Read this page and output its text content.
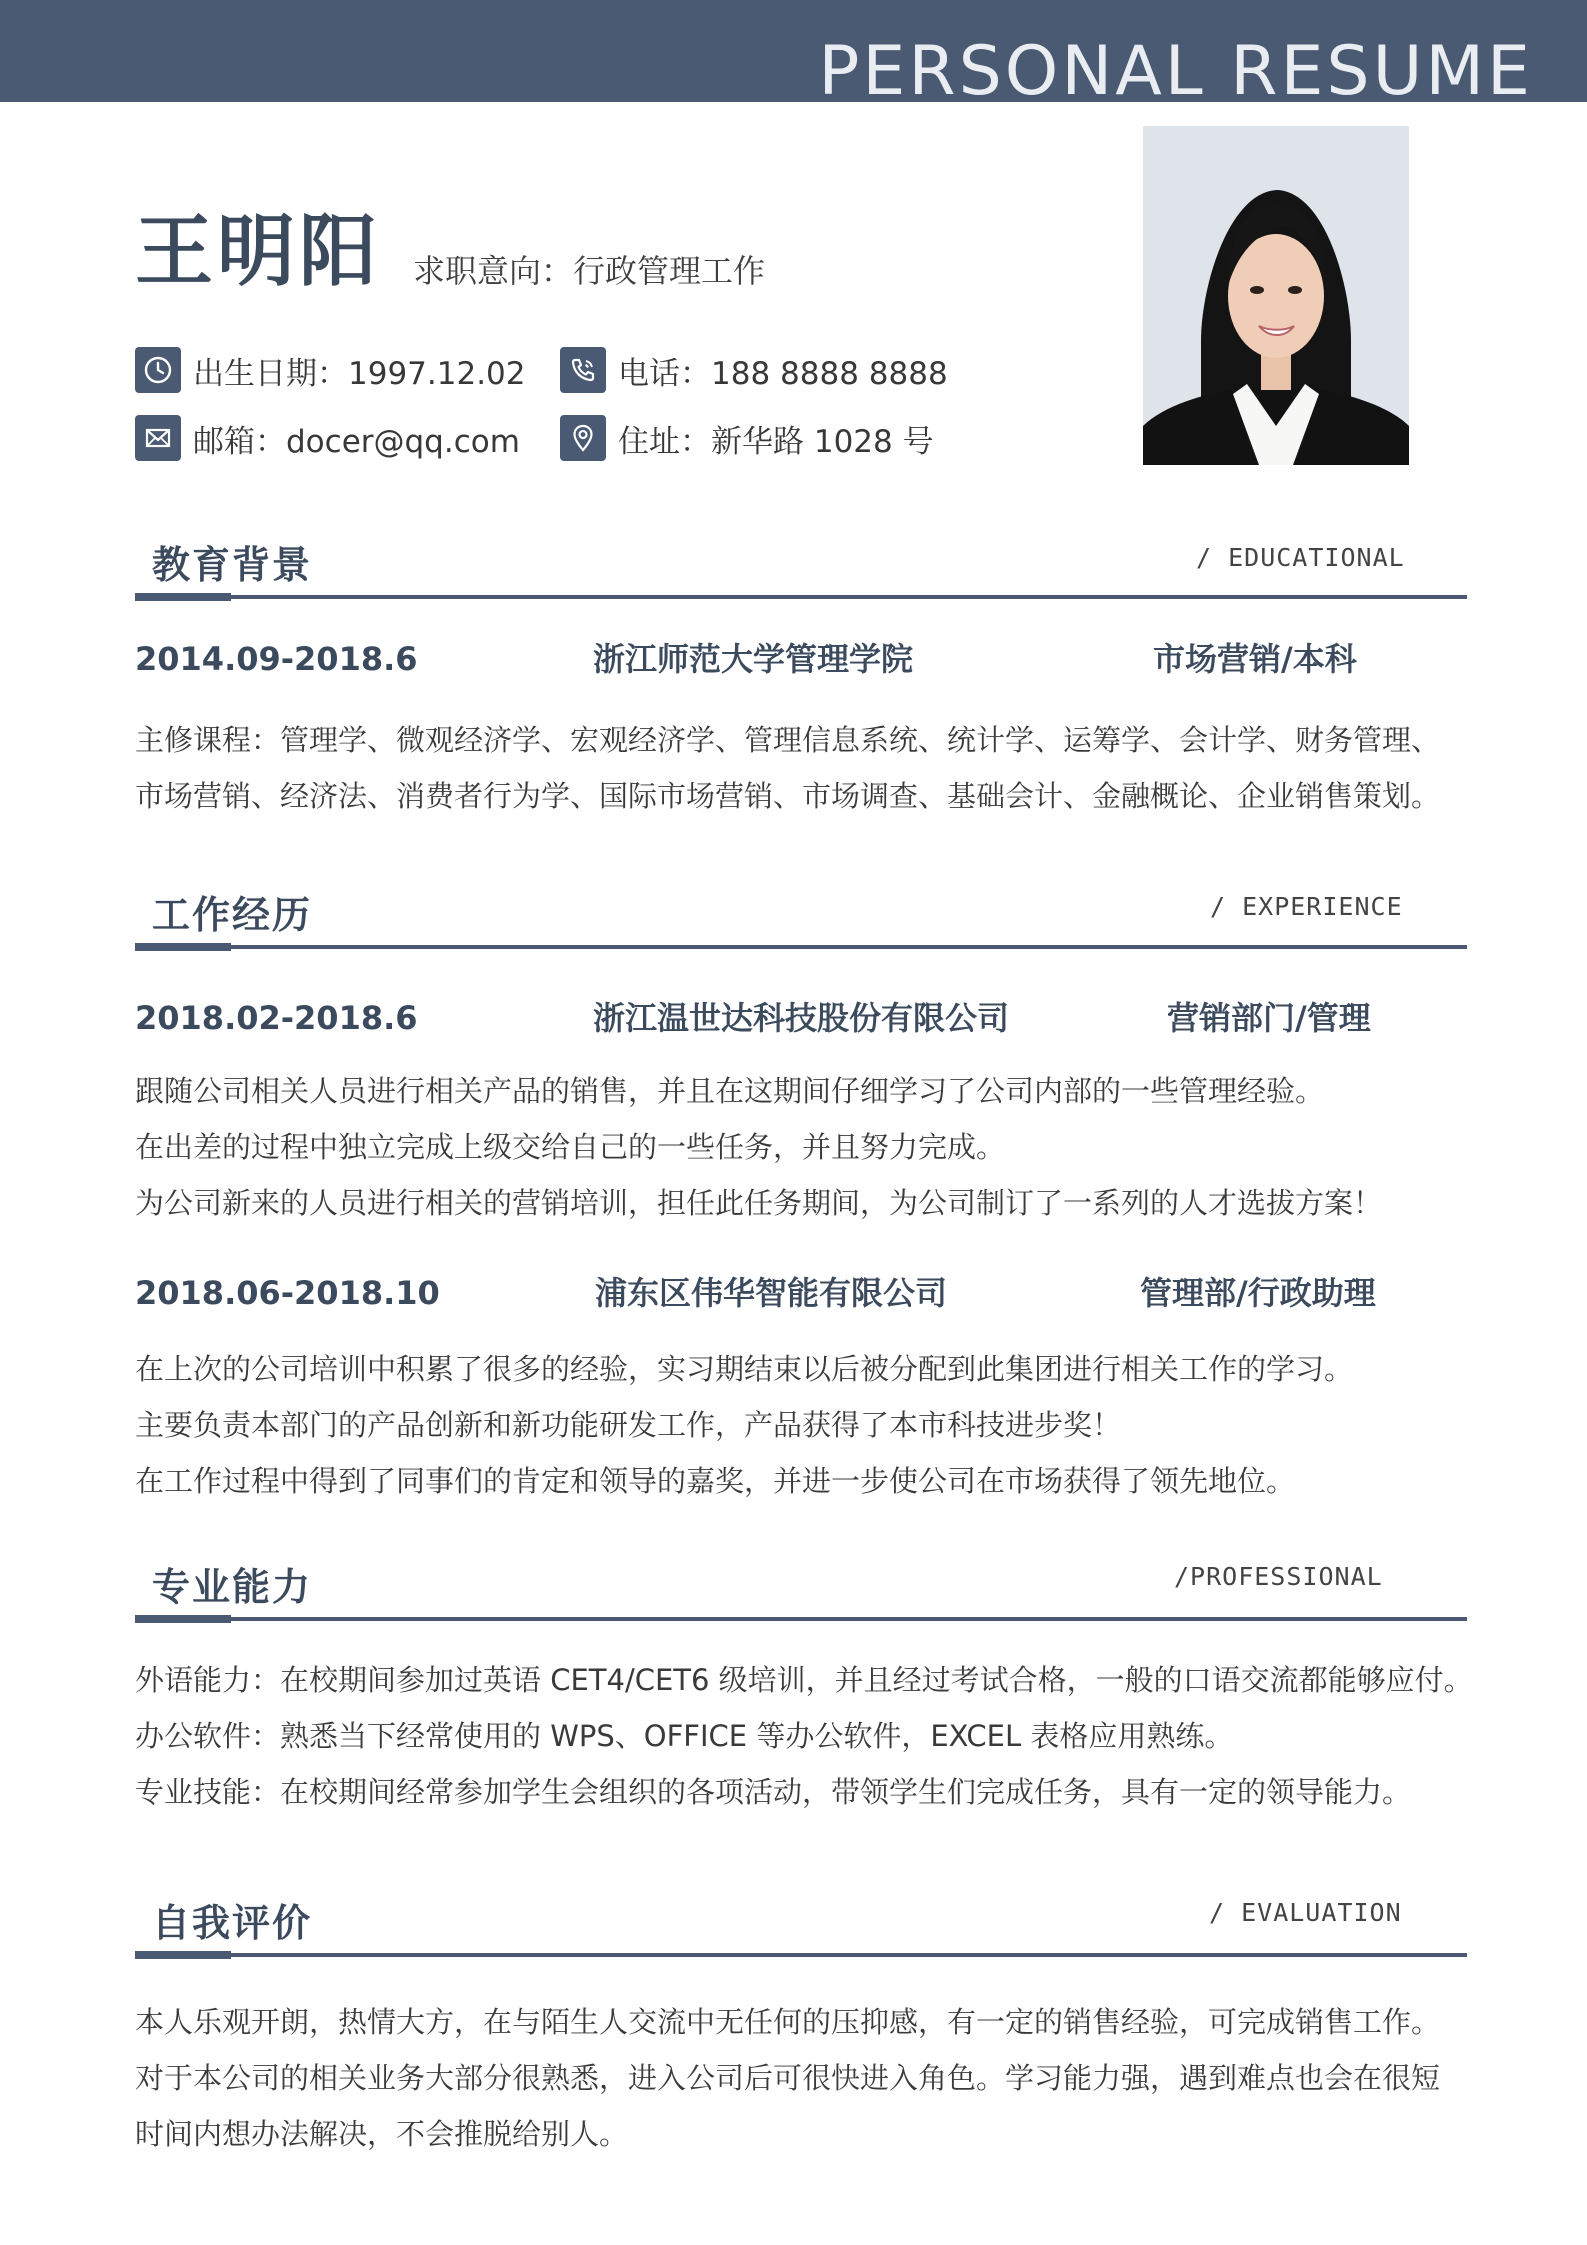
PERSONAL RESUME
王明阳 求职意向：行政管理工作
出生日期：1997.12.02	电话：188 8888 8888
邮箱：docer@qq.com	住址：新华路 1028 号
教育背景	/ EDUCATIONAL
2014.09-2018.6	浙江师范大学管理学院	市场营销/本科
主修课程：管理学、微观经济学、宏观经济学、管理信息系统、统计学、运筹学、会计学、财务管理、
市场营销、经济法、消费者行为学、国际市场营销、市场调查、基础会计、金融概论、企业销售策划。
工作经历	/ EXPERIENCE
2018.02-2018.6	浙江温世达科技股份有限公司	营销部门/管理
跟随公司相关人员进行相关产品的销售，并且在这期间仔细学习了公司内部的一些管理经验。
在出差的过程中独立完成上级交给自己的一些任务，并且努力完成。
为公司新来的人员进行相关的营销培训，担任此任务期间，为公司制订了一系列的人才选拔方案！
2018.06-2018.10	浦东区伟华智能有限公司	管理部/行政助理
在上次的公司培训中积累了很多的经验，实习期结束以后被分配到此集团进行相关工作的学习。
主要负责本部门的产品创新和新功能研发工作，产品获得了本市科技进步奖！
在工作过程中得到了同事们的肯定和领导的嘉奖，并进一步使公司在市场获得了领先地位。
专业能力	/PROFESSIONAL
外语能力：在校期间参加过英语 CET4/CET6 级培训，并且经过考试合格，一般的口语交流都能够应付。
办公软件：熟悉当下经常使用的 WPS、OFFICE 等办公软件，EXCEL 表格应用熟练。
专业技能：在校期间经常参加学生会组织的各项活动，带领学生们完成任务，具有一定的领导能力。
自我评价	/ EVALUATION
本人乐观开朗，热情大方，在与陌生人交流中无任何的压抑感，有一定的销售经验，可完成销售工作。
对于本公司的相关业务大部分很熟悉，进入公司后可很快进入角色。学习能力强，遇到难点也会在很短
时间内想办法解决，不会推脱给别人。
